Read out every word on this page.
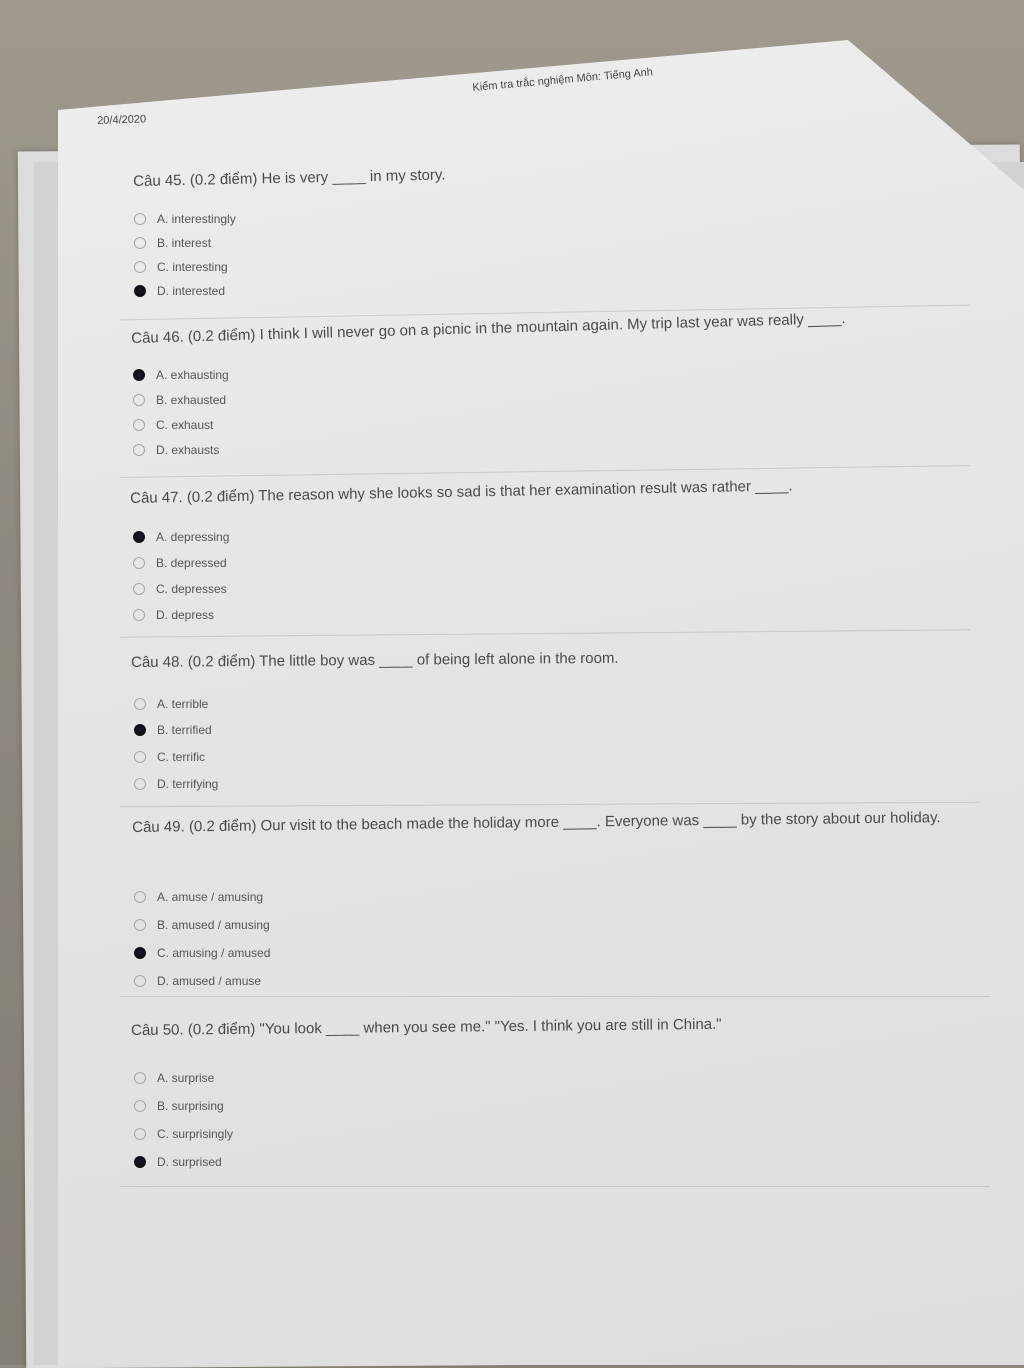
20/4/2020
Kiểm tra trắc nghiệm Môn: Tiếng Anh
Câu 45. (0.2 điểm) He is very ____ in my story.
A. interestingly
B. interest
C. interesting
D. interested
Câu 46. (0.2 điểm) I think I will never go on a picnic in the mountain again. My trip last year was really ____.
A. exhausting
B. exhausted
C. exhaust
D. exhausts
Câu 47. (0.2 điểm) The reason why she looks so sad is that her examination result was rather ____.
A. depressing
B. depressed
C. depresses
D. depress
Câu 48. (0.2 điểm) The little boy was ____ of being left alone in the room.
A. terrible
B. terrified
C. terrific
D. terrifying
Câu 49. (0.2 điểm) Our visit to the beach made the holiday more ____. Everyone was ____ by the story about our holiday.
A. amuse / amusing
B. amused / amusing
C. amusing / amused
D. amused / amuse
Câu 50. (0.2 điểm) "You look ____ when you see me." "Yes. I think you are still in China."
A. surprise
B. surprising
C. surprisingly
D. surprised
